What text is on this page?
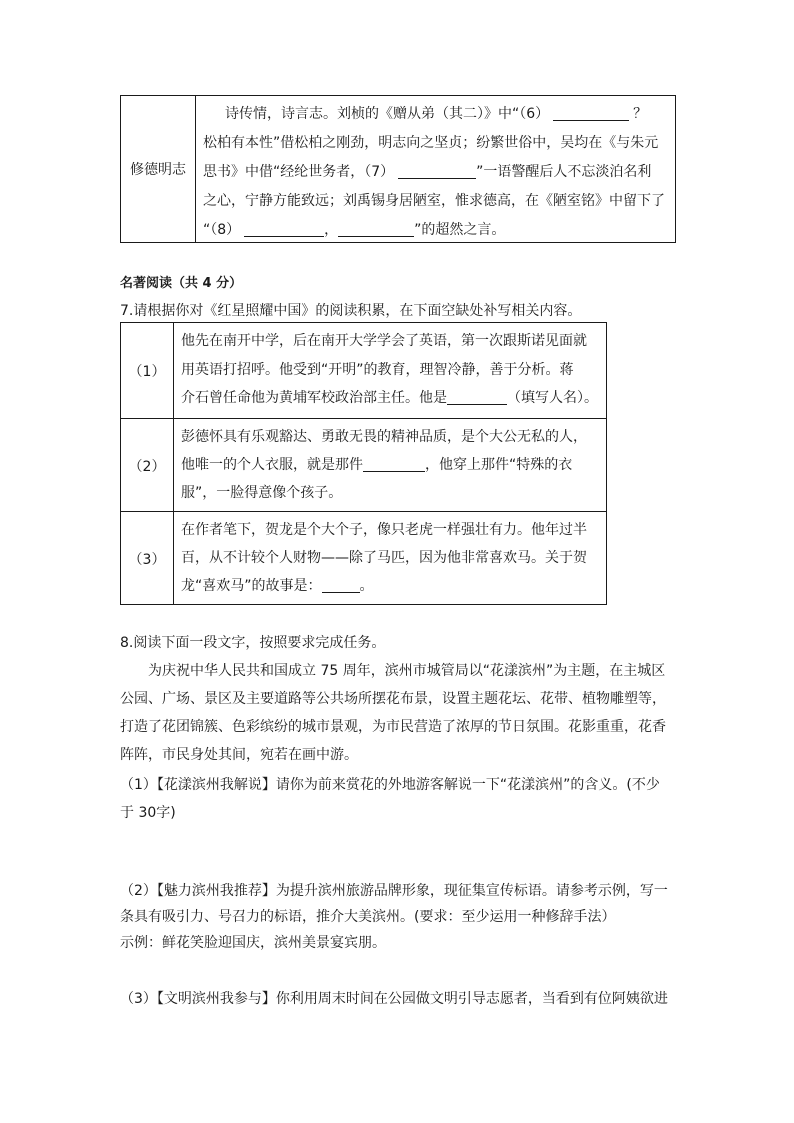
修德明志
诗传情，诗言志。刘桢的《赠从弟（其二）》中“（6）	？
松柏有本性”借松柏之刚劲，明志向之坚贞；纷繁世俗中，吴均在《与朱元
思书》中借“经纶世务者，（7）	”一语警醒后人不忘淡泊名利
之心，宁静方能致远；刘禹锡身居陋室，惟求德高，在《陋室铭》中留下了
“（8）	，	”的超然之言。
名著阅读（共 4 分）
7.请根据你对《红星照耀中国》的阅读积累，在下面空缺处补写相关内容。
（1）
他先在南开中学，后在南开大学学会了英语，第一次跟斯诺见面就
用英语打招呼。他受到“开明”的教育，理智冷静，善于分析。蒋
介石曾任命他为黄埔军校政治部主任。他是	（填写人名）。
（2）
彭德怀具有乐观豁达、勇敢无畏的精神品质，是个大公无私的人，
他唯一的个人衣服，就是那件	，他穿上那件“特殊的衣
服”，一脸得意像个孩子。
（3）
在作者笔下，贺龙是个大个子，像只老虎一样强壮有力。他年过半
百，从不计较个人财物——除了马匹，因为他非常喜欢马。关于贺
龙“喜欢马”的故事是：	。
8.阅读下面一段文字，按照要求完成任务。
为庆祝中华人民共和国成立 75 周年，滨州市城管局以“花漾滨州”为主题，在主城区
公园、广场、景区及主要道路等公共场所摆花布景，设置主题花坛、花带、植物雕塑等，
打造了花团锦簇、色彩缤纷的城市景观，为市民营造了浓厚的节日氛围。花影重重，花香
阵阵，市民身处其间，宛若在画中游。
（1）【花漾滨州我解说】请你为前来赏花的外地游客解说一下“花漾滨州”的含义。(不少
于 30字)
（2）【魅力滨州我推荐】为提升滨州旅游品牌形象，现征集宣传标语。请参考示例，写一
条具有吸引力、号召力的标语，推介大美滨州。(要求：至少运用一种修辞手法）
示例：鲜花笑脸迎国庆，滨州美景宴宾朋。
（3）【文明滨州我参与】你利用周末时间在公园做文明引导志愿者，当看到有位阿姨欲进
